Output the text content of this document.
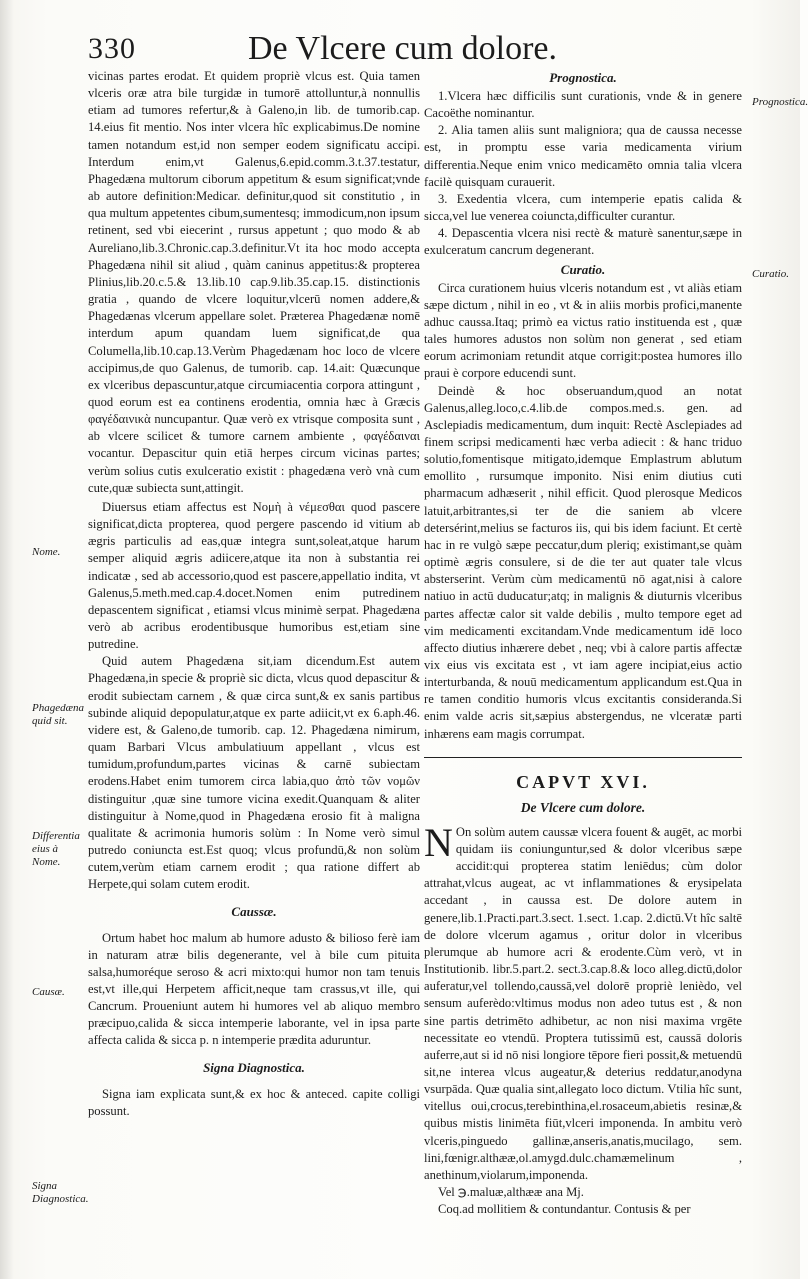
330	De Vlcere cum dolore.

vicinas partes erodat. Et quidem propriè vlcus est. Quia tamen vlceris oræ atra bile turgidæ in tumorē attolluntur,à nonnullis etiam ad tumores refertur,& à Galeno,in lib. de tumorib.cap. 14.eius fit mentio. Nos inter vlcera hîc explicabimus.De nomine tamen notandum est,id non semper eodem significatu accipi. Interdum enim,vt Galenus,6.epid.comm.3.t.37.testatur, Phagedæna multorum ciborum appetitum & esum significat;vnde ab autore definition:Medicar. definitur,quod sit constitutio , in qua multum appetentes cibum,sumentesq; immodicum,non ipsum retinent, sed vbi eiecerint , rursus appetunt ; quo modo & ab Aureliano,lib.3.Chronic.cap.3.definitur.Vt ita hoc modo accepta Phagedæna nihil sit aliud , quàm caninus appetitus:& propterea Plinius,lib.20.c.5.& 13.lib.10 cap.9.lib.35.cap.15. distinctionis gratia , quando de vlcere loquitur,vlcerū nomen addere,& Phagedænas vlcerum appellare solet. Præterea Phagedænæ nomē interdum apum quandam luem significat,de qua Columella,lib.10.cap.13.Verùm Phagedænam hoc loco de vlcere accipimus,de quo Galenus, de tumorib. cap. 14.ait: Quæcunque ex vlceribus depascuntur,atque circumiacentia corpora attingunt , quod eorum est ea continens erodentia, omnia hæc à Græcis φαγέδαινικὰ nuncupantur. Quæ verò ex vtrisque composita sunt , ab vlcere scilicet & tumore carnem ambiente , φαγέδαιναι vocantur. Depascitur quin etiā herpes circum vicinas partes; verùm solius cutis exulceratio existit : phagedæna verò vnà cum cute,quæ subiecta sunt,attingit.

Diuersus etiam affectus est Νομὴ à νέμεσθαι quod pascere significat,dicta propterea, quod pergere pascendo id vitium ab ægris particulis ad eas,quæ integra sunt,soleat,atque harum semper aliquid ægris adiicere,atque ita non à substantia rei indicatæ , sed ab accessorio,quod est pascere,appellatio indita, vt Galenus,5.meth.med.cap.4.docet.Nomen enim putredinem depascentem significat , etiamsi vlcus minimè serpat. Phagedæna verò ab acribus erodentibusque humoribus est,etiam sine putredine.

Quid autem Phagedæna sit,iam dicendum.Est autem Phagedæna,in specie & propriè sic dicta, vlcus quod depascitur & erodit subiectam carnem , & quæ circa sunt,& ex sanis partibus subinde aliquid depopulatur,atque ex parte adiicit,vt ex 6.aph.46. videre est, & Galeno,de tumorib. cap. 12. Phagedæna nimirum, quam Barbari Vlcus ambulatiuum appellant , vlcus est tumidum,profundum,partes vicinas & carnē subiectam erodens.Habet enim tumorem circa labia,quo ἀπὸ τῶν νομῶν distinguitur ,quæ sine tumore vicina exedit.Quanquam & aliter distinguitur à Nome,quod in Phagedæna erosio fit à maligna qualitate & acrimonia humoris solùm : In Nome verò simul putredo coniuncta est.Est quoq; vlcus profundū,& non solùm cutem,verùm etiam carnem erodit ; qua ratione differt ab Herpete,qui solam cutem erodit.

Caussæ.

Ortum habet hoc malum ab humore adusto & bilioso ferè iam in naturam atræ bilis degenerante, vel à bile cum pituita salsa,humoréque seroso & acri mixto:qui humor non tam tenuis est,vt ille,qui Herpetem afficit,neque tam crassus,vt ille, qui Cancrum. Proueniunt autem hi humores vel ab aliquo membro præcipuo,calida & sicca intemperie laborante, vel in ipsa parte affecta calida & sicca p. n intemperie prædita aduruntur.

Signa Diagnostica.

Signa iam explicata sunt,& ex hoc & anteced. capite colligi possunt.

Prognostica.

1.Vlcera hæc difficilis sunt curationis, vnde & in genere Cacoëthe nominantur.

2. Alia tamen aliis sunt maligniora; qua de caussa necesse est, in promptu esse varia medicamenta virium differentia.Neque enim vnico medicamēto omnia talia vlcera facilè quisquam curauerit.

3. Exedentia vlcera, cum intemperie epatis calida & sicca,vel lue venerea coiuncta,difficulter curantur.

4. Depascentia vlcera nisi rectè & maturè sanentur,sæpe in exulceratum cancrum degenerant.

Curatio.

Circa curationem huius vlceris notandum est , vt aliàs etiam sæpe dictum , nihil in eo , vt & in aliis morbis profici,manente adhuc caussa.Itaq; primò ea victus ratio instituenda est , quæ tales humores adustos non solùm non generat , sed etiam eorum acrimoniam retundit atque corrigit:postea humores illo praui è corpore educendi sunt.

Deindè & hoc obseruandum,quod an notat Galenus,alleg.loco,c.4.lib.de compos.med.s. gen. ad Asclepiadis medicamentum, dum inquit: Rectè Asclepiades ad finem scripsi medicamenti hæc verba adiecit : & hanc triduo solutio,fomentisque mitigato,idemque Emplastrum ablutum emollito , rursumque imponito. Nisi enim diutius cuti pharmacum adhæserit , nihil efficit. Quod plerosque Medicos latuit,arbitrantes,si ter de die saniem ab vlcere detersérint,melius se facturos iis, qui bis idem faciunt. Et certè hac in re vulgò sæpe peccatur,dum pleriq; existimant,se quàm optimè ægris consulere, si de die ter aut quater tale vlcus absterserint. Verùm cùm medicamentū nō agat,nisi à calore natiuo in actū duducatur;atq; in malignis & diuturnis vlceribus partes affectæ calor sit valde debilis , multo tempore eget ad vim medicamenti excitandam.Vnde medicamentum idē loco affecto diutius inhærere debet , neq; vbi à calore partis affectæ vix eius vis excitata est , vt iam agere incipiat,eius actio interturbanda, & nouū medicamentum applicandum est.Qua in re tamen conditio humoris vlcus excitantis consideranda.Si enim valde acris sit,sæpius abstergendus, ne vlceratæ parti inhærens eam magis corrumpat.

CAPVT XVI.
De Vlcere cum dolore.

N On solùm autem caussæ vlcera fouent & augēt, ac morbi quidam iis coniunguntur,sed & dolor vlceribus sæpe accidit:qui propterea statim leniēdus; cùm dolor attrahat,vlcus augeat, ac vt inflammationes & erysipelata accedant , in caussa est. De dolore autem in genere,lib.1.Practi.part.3.sect. 1.sect. 1.cap. 2.dictū.Vt hîc saltē de dolore vlcerum agamus , oritur dolor in vlceribus plerumque ab humore acri & erodente.Cùm verò, vt in Institutionib. libr.5.part.2. sect.3.cap.8.& loco alleg.dictū,dolor auferatur,vel tollendo,caussā,vel dolorē propriè lenièdo, vel sensum auferèdo:vltimus modus non adeo tutus est , & non sine partis detrimēto adhibetur, ac non nisi maxima vrgēte necessitate eo vtendū. Proptera tutissimū est, caussā doloris auferre,aut si id nō nisi longiore tēpore fieri possit,& metuendū sit,ne interea vlcus augeatur,& deterius reddatur,anodyna vsurpāda. Quæ qualia sint,allegato loco dictum. Vtilia hîc sunt, vitellus oui,crocus,terebinthina,el.rosaceum,abietis resinæ,& quibus mistis linimēta fiūt,vlceri imponenda. In ambitu verò vlceris,pinguedo gallinæ,anseris,anatis,mucilago, sem. lini,fœnigr.althææ,ol.amygd.dulc.chamæmelinum , anethinum,violarum,imponenda.

Vel ℈.maluæ,althææ ana Mj.

Coq.ad mollitiem & contundantur. Contusis & per

Nome.
Phagedæna quid sit.
Differentia eius à Nome.
Causæ.
Signa Diagnostica.
Prognostica.
Curatio.
